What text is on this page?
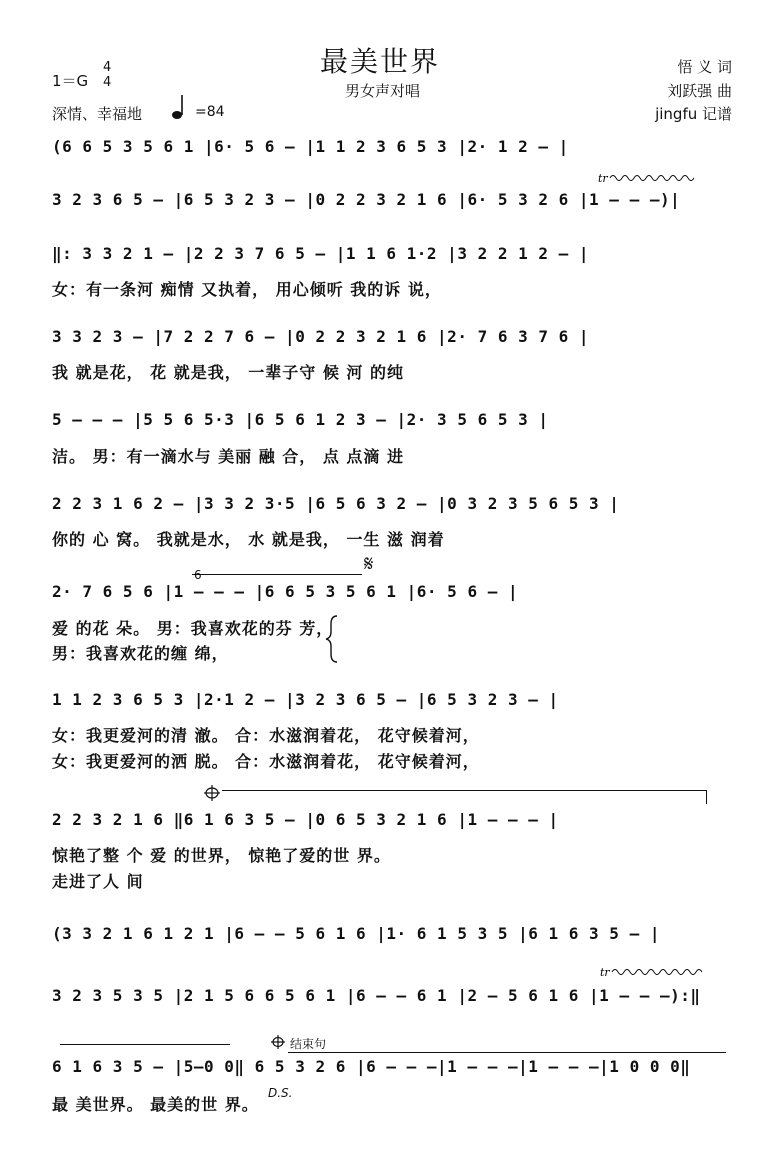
最美世界
男女声对唱
1＝G
4
4
深情、幸福地	=84
悟 义 词
刘跃强 曲
jingfu 记谱
(6 6 5 3 5 6 1 |6· 5 6 – |1 1 2 3 6 5 3 |2· 1 2 – |
3 2 3 6 5 – |6 5 3 2 3 – |0 2 2 3 2 1 6 |6· 5 3 2 6 |1 – – –)|
tr
‖: 3 3 2 1 – |2 2 3 7 6 5 – |1 1 6 1·2 |3 2 2 1 2 – |
女：有一条河 痴情 又执着， 用心倾听 我的诉 说，
3 3 2 3 – |7 2 2 7 6 – |0 2 2 3 2 1 6 |2· 7 6 3 7 6 |
我 就是花， 花 就是我， 一辈子守 候 河 的纯
5 – – – |5 5 6 5·3 |6 5 6 1 2 3 – |2· 3 5 6 5 3 |
洁。 男：有一滴水与 美丽 融 合， 点 点滴 进
2 2 3 1 6 2 – |3 3 2 3·5 |6 5 6 3 2 – |0 3 2 3 5 6 5 3 |
你的 心 窝。 我就是水， 水 就是我， 一生 滋 润着
6	𝄋
2· 7 6 5 6 |1 – – – |6 6 5 3 5 6 1 |6· 5 6 – |
爱 的花 朵。 男：我喜欢花的芬 芳，
男：我喜欢花的缠 绵，
1 1 2 3 6 5 3 |2·1 2 – |3 2 3 6 5 – |6 5 3 2 3 – |
女：我更爱河的清 澈。 合：水滋润着花， 花守候着河，
女：我更爱河的洒 脱。 合：水滋润着花， 花守候着河，
2 2 3 2 1 6 ‖6 1 6 3 5 – |0 6 5 3 2 1 6 |1 – – – |
惊艳了整 个 爱 的世界， 惊艳了爱的世 界。
走进了人 间
(3 3 2 1 6 1 2 1 |6 – – 5 6 1 6 |1· 6 1 5 3 5 |6 1 6 3 5 – |
tr
3 2 3 5 3 5 |2 1 5 6 6 5 6 1 |6 – – 6 1 |2 – 5 6 1 6 |1 – – –):‖
结束句
6 1 6 3 5 – |5–0 0‖ 6 5 3 2 6 |6 – – –|1 – – –|1 – – –|1 0 0 0‖
最 美世界。 最美的世 界。
D.S.
